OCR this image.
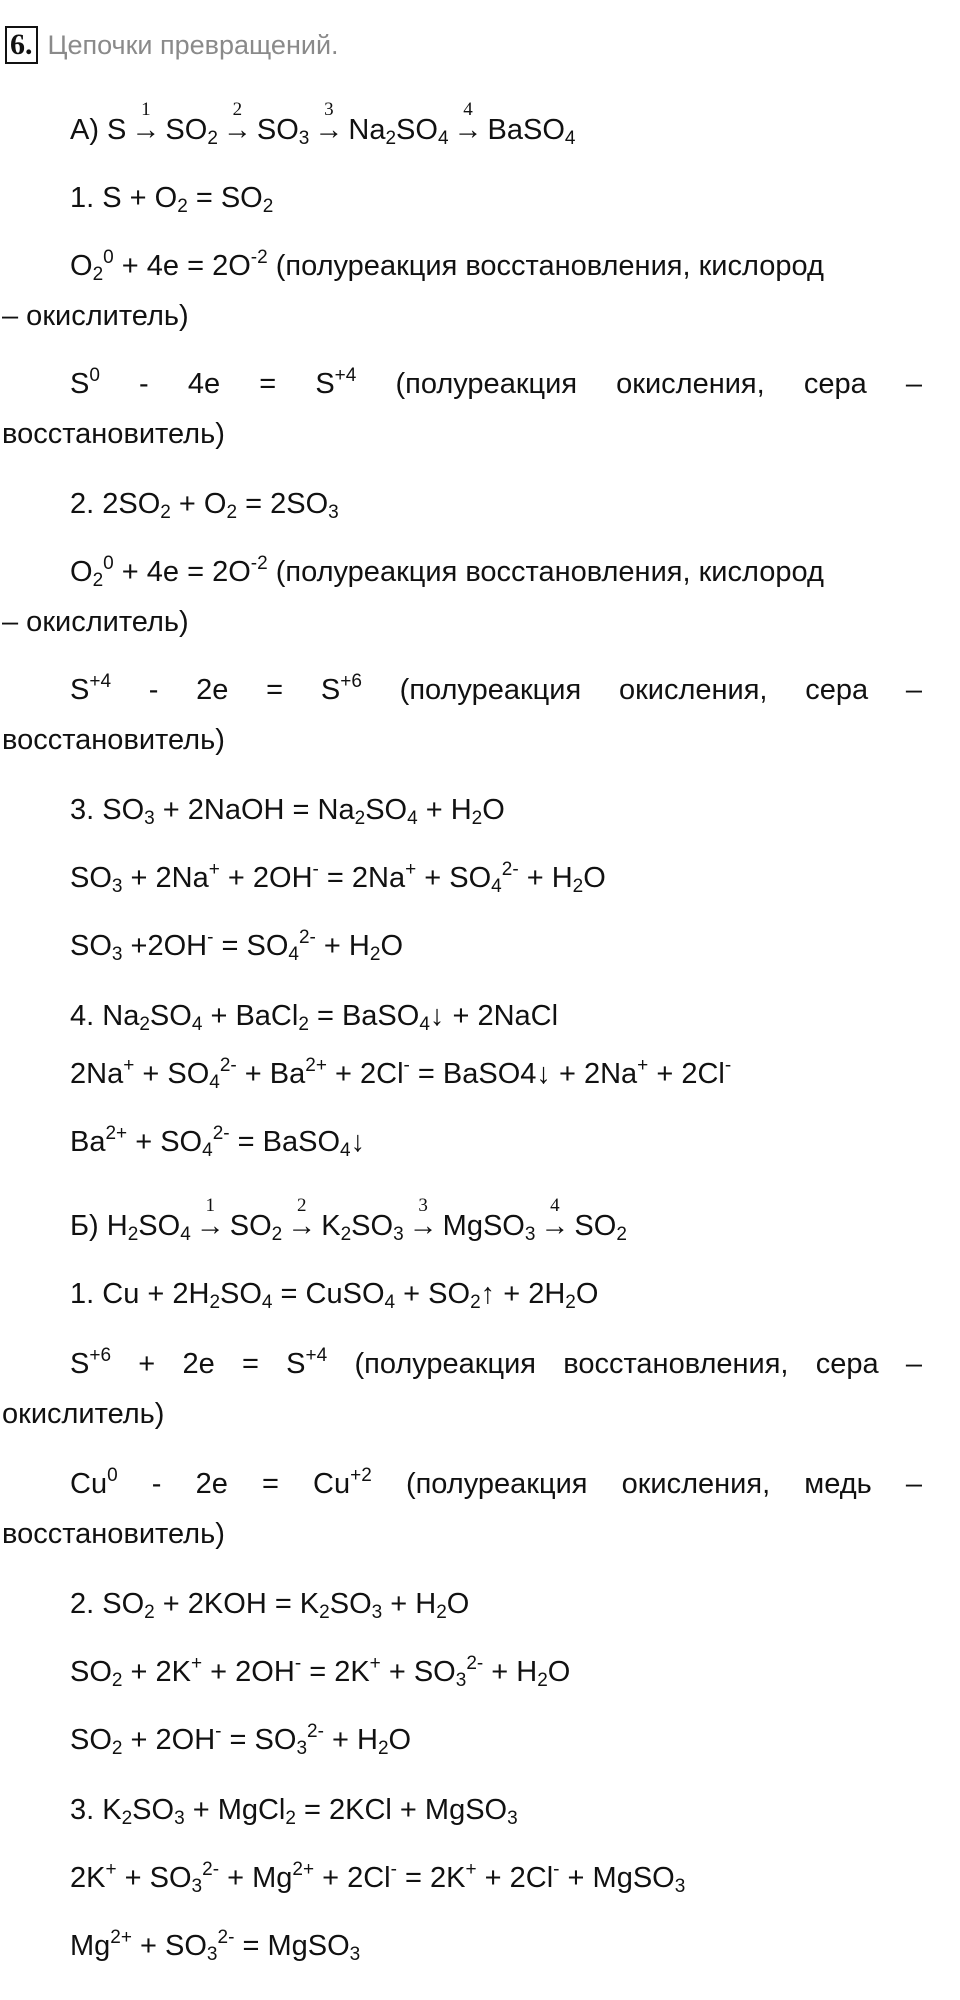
6. Цепочки превращений.
А) S
1
→ $SO_2$
2
→ $SO_3$
3
→ $Na_2SO_4$
4
→ BaSO$_4$
1. $S + O_2 = SO_2$
$O_2^0 + 4e = 2O^{-2}$ (полуреакция восстановления, кислород
– окислитель)
$S^0 - 4e = S^{+4}$ (полуреакция окисления, сера –
восстановитель)
2. $2SO_2 + O_2 = 2SO_3$
$O_2^0 + 4e = 2O^{-2}$ (полуреакция восстановления, кислород
– окислитель)
$S^{+4} - 2e = S^{+6}$ (полуреакция окисления, сера –
восстановитель)
3. $SO_3$ + 2NaOH = $Na_2SO_4 + H_2O$
$SO_3 + 2Na^+ + 2OH^- = 2Na^+ + SO_4^{2-} + H_2O$
$SO_3 +2OH^- = SO_4^{2-} + H_2O$
4. $Na_2SO_4$ + BaCl$_2$ = BaSO$_4$↓ + 2NaCl
$2Na^+ + SO_4^{2-} + Ba^{2+} + 2Cl^-$ = BaSO4↓ + 2Na+ + 2Cl-
$Ba^{2+} + SO_4^{2-}$ = BaSO$_4$↓
Б) $H_2SO_4$
1
→ $SO_2$
2
→ $K_2SO_3$
3
→ MgSO$_3$
4
→ $SO_2$
1. $Cu + 2H_2SO_4$ = CuSO$_4$ + $SO_2↑ + 2H_2O$
$S^{+6} + 2e = S^{+4}$ (полуреакция восстановления, сера –
окислитель)
$Cu^0 - 2e = Cu^{+2}$ (полуреакция окисления, медь –
восстановитель)
2. $SO_2 + 2KOH = K_2SO_3 + H_2O$
$SO_2 + 2K^+ + 2OH^- = 2K^+ + SO_3^{2-} + H_2O$
$SO_2 + 2OH^- = SO_3^{2-} + H_2O$
3. $K_2SO_3$ + MgCl$_2$ = 2KCl + MgSO$_3$
$2K^+ + SO_3^{2-} + Mg^{2+} + 2Cl^- = 2K^+ + 2Cl^-$ + MgSO$_3$
$Mg^{2+} + SO_3^{2-}$ = MgSO$_3$
